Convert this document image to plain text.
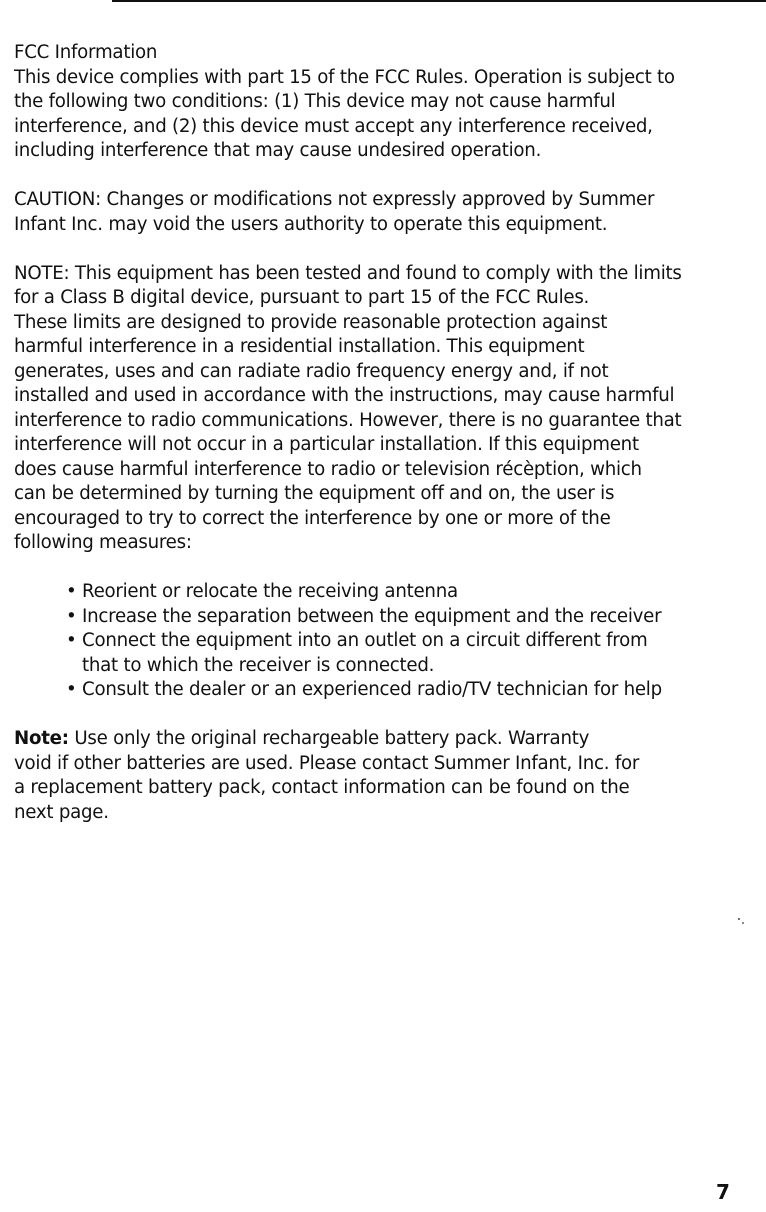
FCC Information

This device complies with part 15 of the FCC Rules. Operation is subject to

the following two conditions: (1) This device may not cause harmful

interference, and (2) this device must accept any interference received,

including interference that may cause undesired operation.

CAUTION: Changes or modifications not expressly approved by Summer

Infant Inc. may void the users authority to operate this equipment.

NOTE: This equipment has been tested and found to comply with the limits

for a Class B digital device, pursuant to part 15 of the FCC Rules.

These limits are designed to provide reasonable protection against

harmful interference in a residential installation. This equipment

generates, uses and can radiate radio frequency energy and, if not

installed and used in accordance with the instructions, may cause harmful

interference to radio communications. However, there is no guarantee that

interference will not occur in a particular installation. If this equipment

does cause harmful interference to radio or television récèption, which

can be determined by turning the equipment off and on, the user is

encouraged to try to correct the interference by one or more of the

following measures:

• Reorient or relocate the receiving antenna
• Increase the separation between the equipment and the receiver
• Connect the equipment into an outlet on a circuit different from
that to which the receiver is connected.
• Consult the dealer or an experienced radio/TV technician for help

Note: Use only the original rechargeable battery pack. Warranty

void if other batteries are used. Please contact Summer Infant, Inc. for

a replacement battery pack, contact information can be found on the

next page.

7
